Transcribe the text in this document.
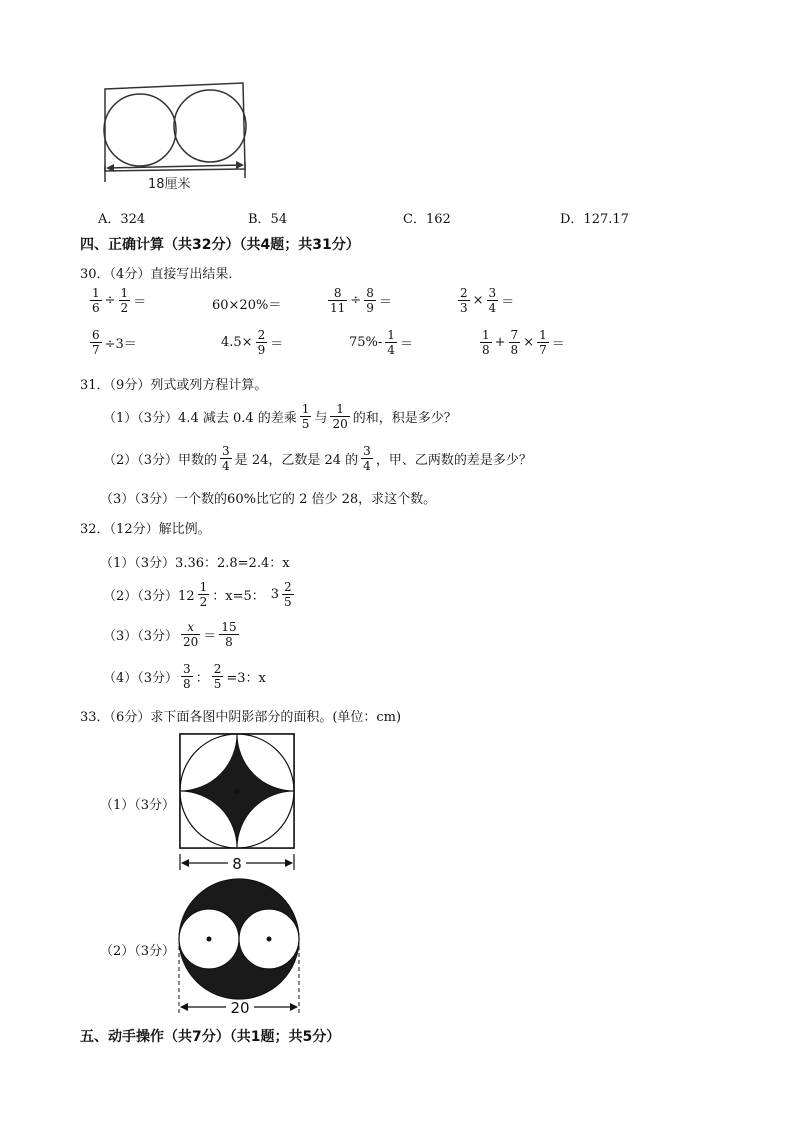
18厘米
A．324	B．54	C．162	D．127.17
四、正确计算（共32分）（共4题；共31分）
30．（4分）直接写出结果．
$\frac{1}{6} \div \frac{1}{2}$ ＝	60×20%＝	$\frac{8}{11} \div \frac{8}{9}$ ＝	$\frac{2}{3} \times \frac{3}{4}$ ＝
$\frac{6}{7} \div 3=$	$4.5\times \frac{2}{9}$ ＝	$75\%- \frac{1}{4}$ ＝	$\frac{1}{8} + \frac{7}{8} \times \frac{1}{7}$ ＝
31．（9分）列式或列方程计算。
（1）（3分）4.4 减去 0.4 的差乘 $\frac{1}{5}$ 与 $\frac{1}{20}$ 的和，积是多少？
（2）（3分）甲数的 $\frac{3}{4}$ 是 24，乙数是 24 的 $\frac{3}{4}$ ，甲、乙两数的差是多少？
（3）（3分）一个数的60%比它的 2 倍少 28，求这个数。
32．（12分）解比例。
（1）（3分）3.36：2.8=2.4：x
（2）（3分）$12 \frac{1}{2}$ ：x=5： $3 \frac{2}{5}$
（3）（3分） $\frac{x}{20} = \frac{15}{8}$
（4）（3分） $\frac{3}{8}$ ： $\frac{2}{5} =3$：x
33．（6分）求下面各图中阴影部分的面积。(单位：cm)
（1）（3分）
8
（2）（3分）
20
五、动手操作（共7分）（共1题；共5分）
